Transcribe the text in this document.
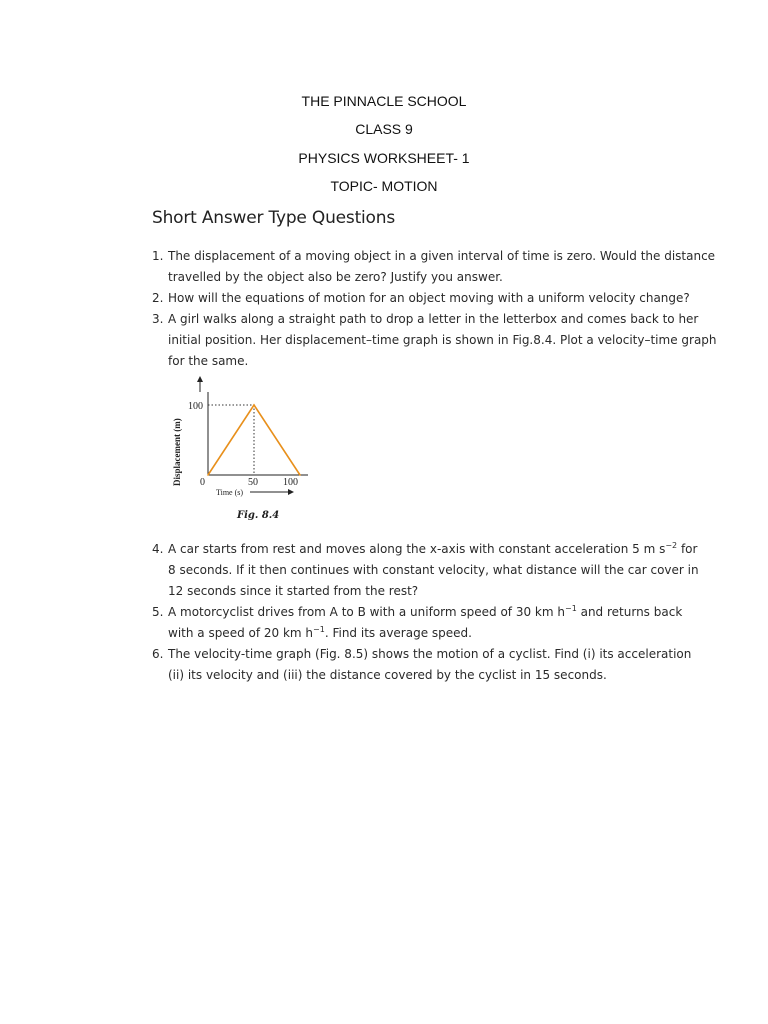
THE PINNACLE SCHOOL
CLASS 9
PHYSICS WORKSHEET- 1
TOPIC- MOTION
Short Answer Type Questions
1. The displacement of a moving object in a given interval of time is zero. Would the distance
travelled by the object also be zero? Justify you answer.
2. How will the equations of motion for an object moving with a uniform velocity change?
3. A girl walks along a straight path to drop a letter in the letterbox and comes back to her
initial position. Her displacement–time graph is shown in Fig.8.4. Plot a velocity–time graph
for the same.
100
0	50	100
Time (s)
Displacement (m)
Fig. 8.4
4. A car starts from rest and moves along the x-axis with constant acceleration 5 m $s^{-2}$ for
8 seconds. If it then continues with constant velocity, what distance will the car cover in
12 seconds since it started from the rest?
5. A motorcyclist drives from A to B with a uniform speed of 30 km $h^{-1}$ and returns back
with a speed of 20 km $h^{-1}$. Find its average speed.
6. The velocity-time graph (Fig. 8.5) shows the motion of a cyclist. Find (i) its acceleration
(ii) its velocity and (iii) the distance covered by the cyclist in 15 seconds.
